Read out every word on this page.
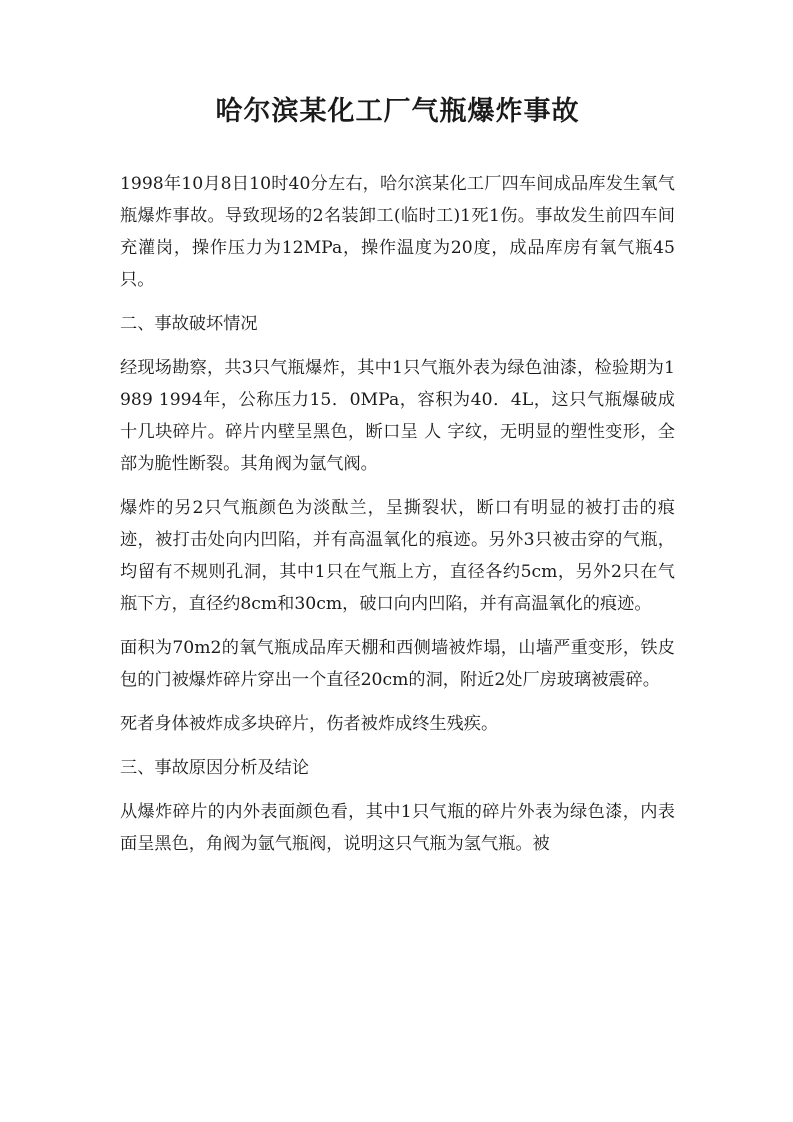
哈尔滨某化工厂气瓶爆炸事故

1998年10月8日10时40分左右，哈尔滨某化工厂四车间成品库发生氧气瓶爆炸事故。导致现场的2名装卸工(临时工)1死1伤。事故发生前四车间充灌岗，操作压力为12MPa，操作温度为20度，成品库房有氧气瓶45只。

二、事故破坏情况

经现场勘察，共3只气瓶爆炸，其中1只气瓶外表为绿色油漆，检验期为1989 1994年，公称压力15．0MPa，容积为40．4L，这只气瓶爆破成十几块碎片。碎片内壁呈黑色，断口呈 人 字纹，无明显的塑性变形，全部为脆性断裂。其角阀为氩气阀。

爆炸的另2只气瓶颜色为淡酞兰，呈撕裂状，断口有明显的被打击的痕迹，被打击处向内凹陷，并有高温氧化的痕迹。另外3只被击穿的气瓶，均留有不规则孔洞，其中1只在气瓶上方，直径各约5cm，另外2只在气瓶下方，直径约8cm和30cm，破口向内凹陷，并有高温氧化的痕迹。

面积为70m2的氧气瓶成品库天棚和西侧墙被炸塌，山墙严重变形，铁皮包的门被爆炸碎片穿出一个直径20cm的洞，附近2处厂房玻璃被震碎。

死者身体被炸成多块碎片，伤者被炸成终生残疾。

三、事故原因分析及结论

从爆炸碎片的内外表面颜色看，其中1只气瓶的碎片外表为绿色漆，内表面呈黑色，角阀为氩气瓶阀，说明这只气瓶为氢气瓶。被
